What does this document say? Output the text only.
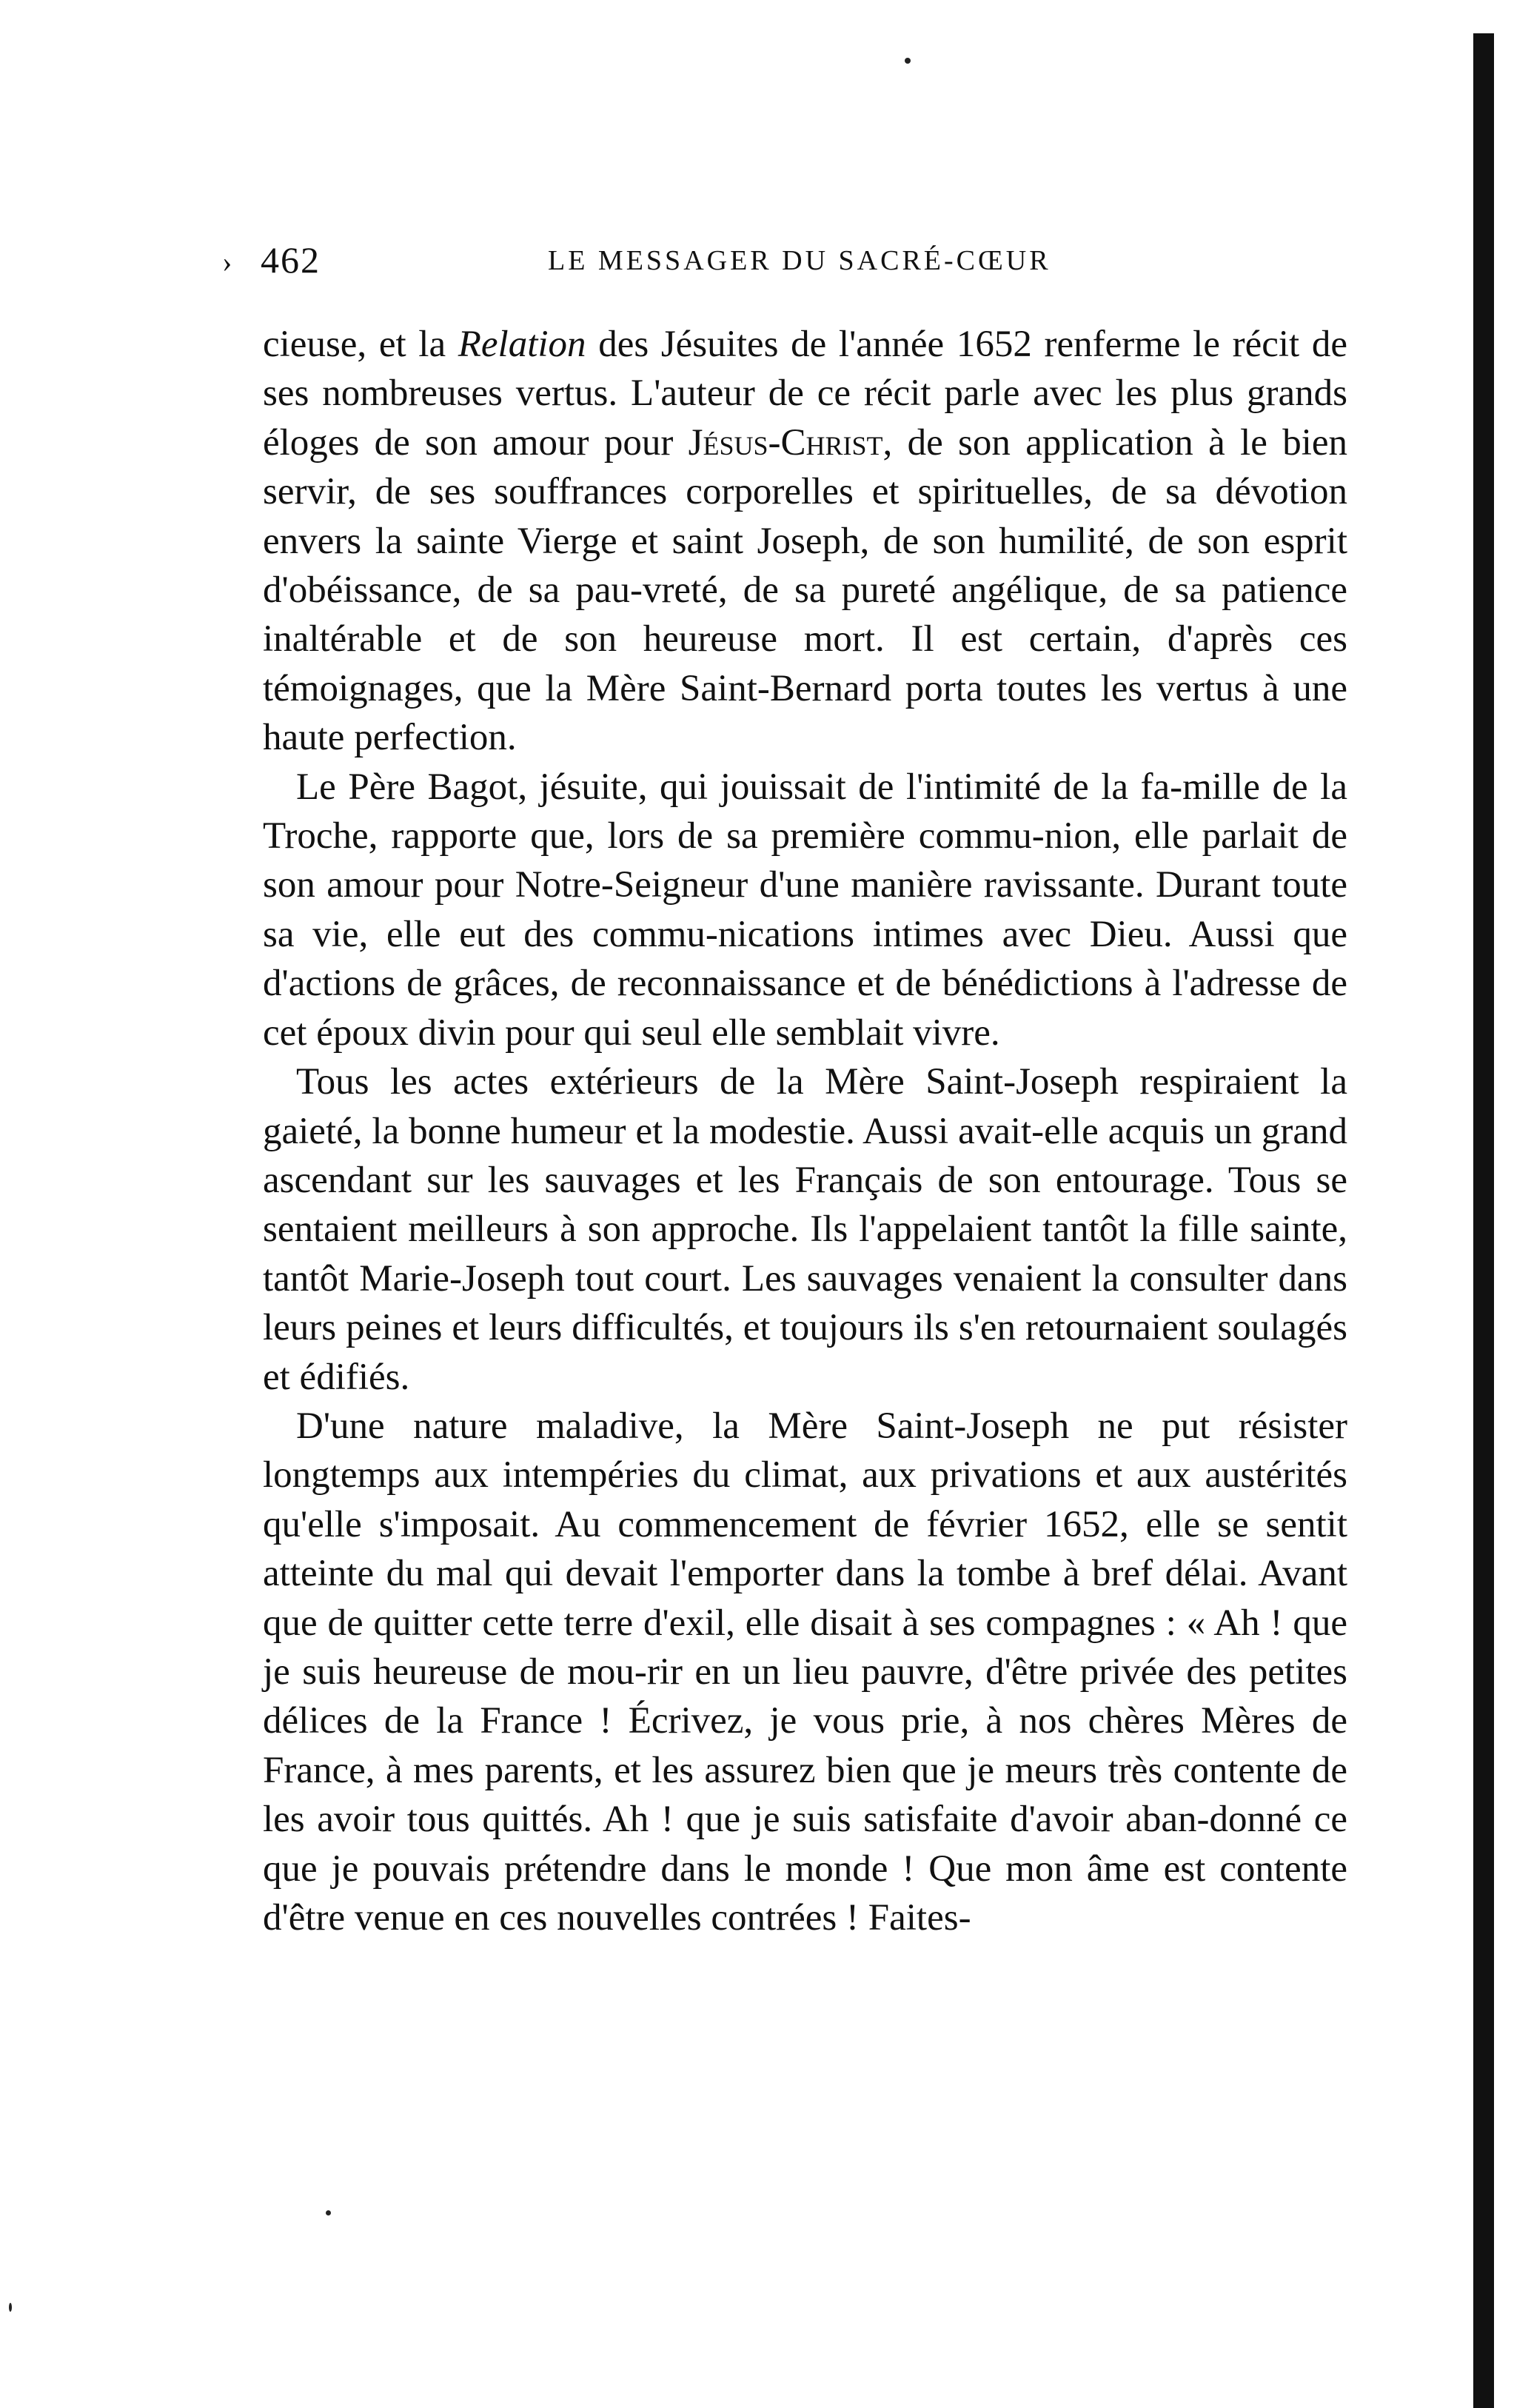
› 462	LE MESSAGER DU SACRÉ-CŒUR

cieuse, et la Relation des Jésuites de l'année 1652 renferme le récit de ses nombreuses vertus. L'auteur de ce récit parle avec les plus grands éloges de son amour pour Jésus-Christ, de son application à le bien servir, de ses souffrances corporelles et spirituelles, de sa dévotion envers la sainte Vierge et saint Joseph, de son humilité, de son esprit d'obéissance, de sa pau-vreté, de sa pureté angélique, de sa patience inaltérable et de son heureuse mort. Il est certain, d'après ces témoignages, que la Mère Saint-Bernard porta toutes les vertus à une haute perfection.

Le Père Bagot, jésuite, qui jouissait de l'intimité de la fa-mille de la Troche, rapporte que, lors de sa première commu-nion, elle parlait de son amour pour Notre-Seigneur d'une manière ravissante. Durant toute sa vie, elle eut des commu-nications intimes avec Dieu. Aussi que d'actions de grâces, de reconnaissance et de bénédictions à l'adresse de cet époux divin pour qui seul elle semblait vivre.

Tous les actes extérieurs de la Mère Saint-Joseph respiraient la gaieté, la bonne humeur et la modestie. Aussi avait-elle acquis un grand ascendant sur les sauvages et les Français de son entourage. Tous se sentaient meilleurs à son approche. Ils l'appelaient tantôt la fille sainte, tantôt Marie-Joseph tout court. Les sauvages venaient la consulter dans leurs peines et leurs difficultés, et toujours ils s'en retournaient soulagés et édifiés.

D'une nature maladive, la Mère Saint-Joseph ne put résister longtemps aux intempéries du climat, aux privations et aux austérités qu'elle s'imposait. Au commencement de février 1652, elle se sentit atteinte du mal qui devait l'emporter dans la tombe à bref délai. Avant que de quitter cette terre d'exil, elle disait à ses compagnes : « Ah ! que je suis heureuse de mou-rir en un lieu pauvre, d'être privée des petites délices de la France ! Écrivez, je vous prie, à nos chères Mères de France, à mes parents, et les assurez bien que je meurs très contente de les avoir tous quittés. Ah ! que je suis satisfaite d'avoir aban-donné ce que je pouvais prétendre dans le monde ! Que mon âme est contente d'être venue en ces nouvelles contrées ! Faites-
